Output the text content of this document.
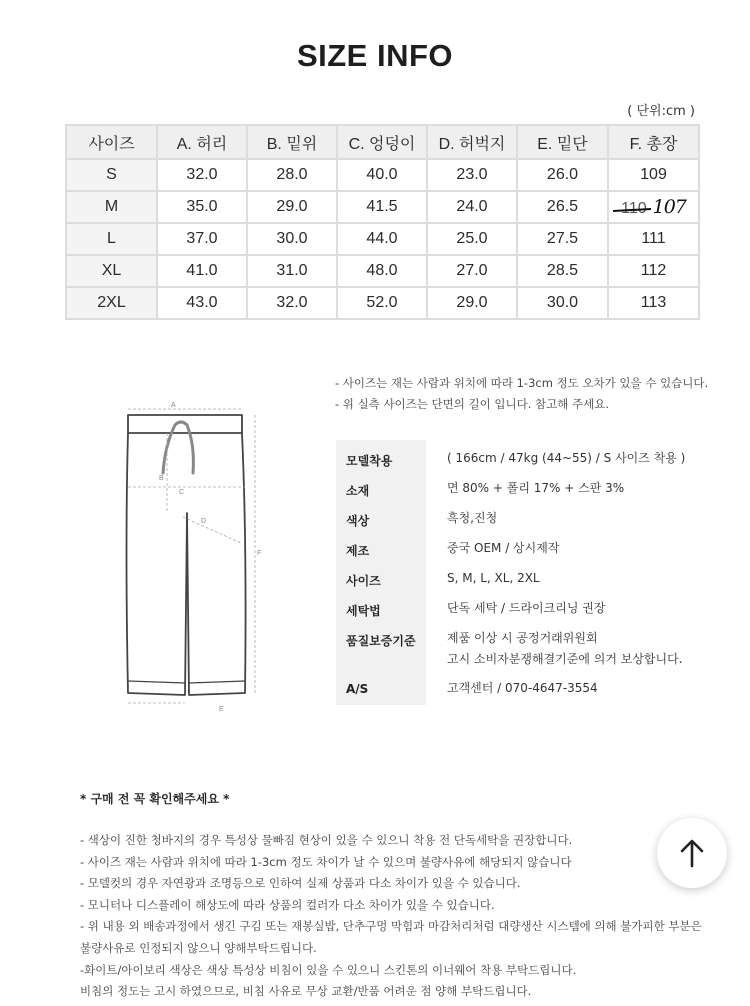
SIZE INFO
( 단위:cm )
사이즈	A. 허리	B. 밑위	C. 엉덩이	D. 허벅지	E. 밑단	F. 총장
S	32.0	28.0	40.0	23.0	26.0	109
M	35.0	29.0	41.5	24.0	26.5	110 107
L	37.0	30.0	44.0	25.0	27.5	111
XL	41.0	31.0	48.0	27.0	28.5	112
2XL	43.0	32.0	52.0	29.0	30.0	113
A
B
C
D
E
F
- 사이즈는 재는 사람과 위치에 따라 1-3cm 정도 오차가 있을 수 있습니다.
- 위 실측 사이즈는 단면의 길이 입니다. 참고해 주세요.
모델착용	( 166cm / 47kg (44~55) / S 사이즈 착용 )
소재	면 80% + 폴리 17% + 스판 3%
색상	흑청,진청
제조	중국 OEM / 상시제작
사이즈	S, M, L, XL, 2XL
세탁법	단독 세탁 / 드라이크리닝 권장
품질보증기준	제품 이상 시 공정거래위원회
고시 소비자분쟁해결기준에 의거 보상합니다.
A/S	고객센터 / 070-4647-3554
* 구매 전 꼭 확인해주세요 *
- 색상이 진한 청바지의 경우 특성상 물빠짐 현상이 있을 수 있으니 착용 전 단독세탁을 권장합니다.
- 사이즈 재는 사람과 위치에 따라 1-3cm 정도 차이가 날 수 있으며 불량사유에 해당되지 않습니다
- 모델컷의 경우 자연광과 조명등으로 인하여 실제 상품과 다소 차이가 있을 수 있습니다.
- 모니터나 디스플레이 해상도에 따라 상품의 컬러가 다소 차이가 있을 수 있습니다.
- 위 내용 외 배송과정에서 생긴 구김 또는 재봉실밥, 단추구멍 막힘과 마감처리처럼 대량생산 시스템에 의해 불가피한 부분은
불량사유로 인정되지 않으니 양해부탁드립니다.
-화이트/아이보리 색상은 색상 특성상 비침이 있을 수 있으니 스킨톤의 이너웨어 착용 부탁드립니다.
비침의 정도는 고시 하였으므로, 비침 사유로 무상 교환/반품 어려운 점 양해 부탁드립니다.
